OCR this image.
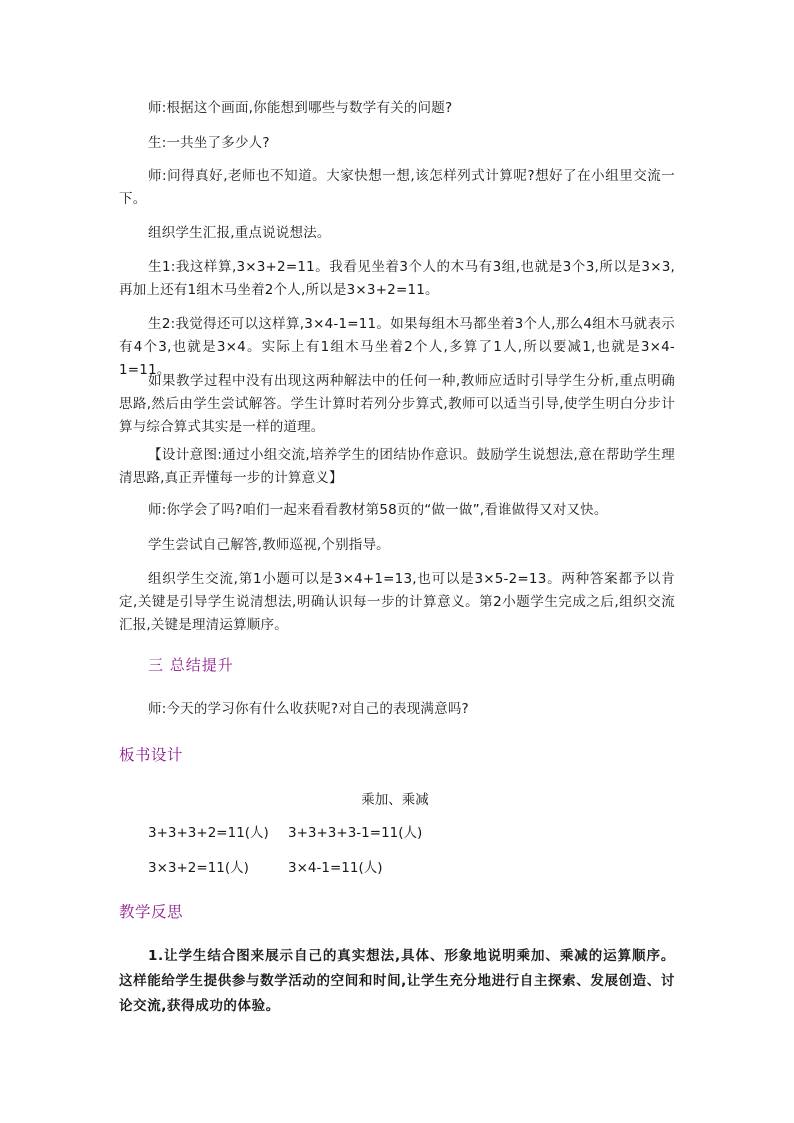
师:根据这个画面,你能想到哪些与数学有关的问题?

生:一共坐了多少人?

师:问得真好,老师也不知道。大家快想一想,该怎样列式计算呢?想好了在小组里交流一下。

组织学生汇报,重点说说想法。

生1:我这样算,3×3+2=11。我看见坐着3个人的木马有3组,也就是3个3,所以是3×3,再加上还有1组木马坐着2个人,所以是3×3+2=11。

生2:我觉得还可以这样算,3×4-1=11。如果每组木马都坐着3个人,那么4组木马就表示有4个3,也就是3×4。实际上有1组木马坐着2个人,多算了1人,所以要减1,也就是3×4-1=11。

如果教学过程中没有出现这两种解法中的任何一种,教师应适时引导学生分析,重点明确思路,然后由学生尝试解答。学生计算时若列分步算式,教师可以适当引导,使学生明白分步计算与综合算式其实是一样的道理。

【设计意图:通过小组交流,培养学生的团结协作意识。鼓励学生说想法,意在帮助学生理清思路,真正弄懂每一步的计算意义】

师:你学会了吗?咱们一起来看看教材第58页的“做一做”,看谁做得又对又快。

学生尝试自己解答,教师巡视,个别指导。

组织学生交流,第1小题可以是3×4+1=13,也可以是3×5-2=13。两种答案都予以肯定,关键是引导学生说清想法,明确认识每一步的计算意义。第2小题学生完成之后,组织交流汇报,关键是理清运算顺序。

三 总结提升

师:今天的学习你有什么收获呢?对自己的表现满意吗?

板书设计

乘加、乘减

3+3+3+2=11(人) 3+3+3+3-1=11(人)

3×3+2=11(人)	3×4-1=11(人)

教学反思

1.让学生结合图来展示自己的真实想法,具体、形象地说明乘加、乘减的运算顺序。这样能给学生提供参与数学活动的空间和时间,让学生充分地进行自主探索、发展创造、讨论交流,获得成功的体验。
